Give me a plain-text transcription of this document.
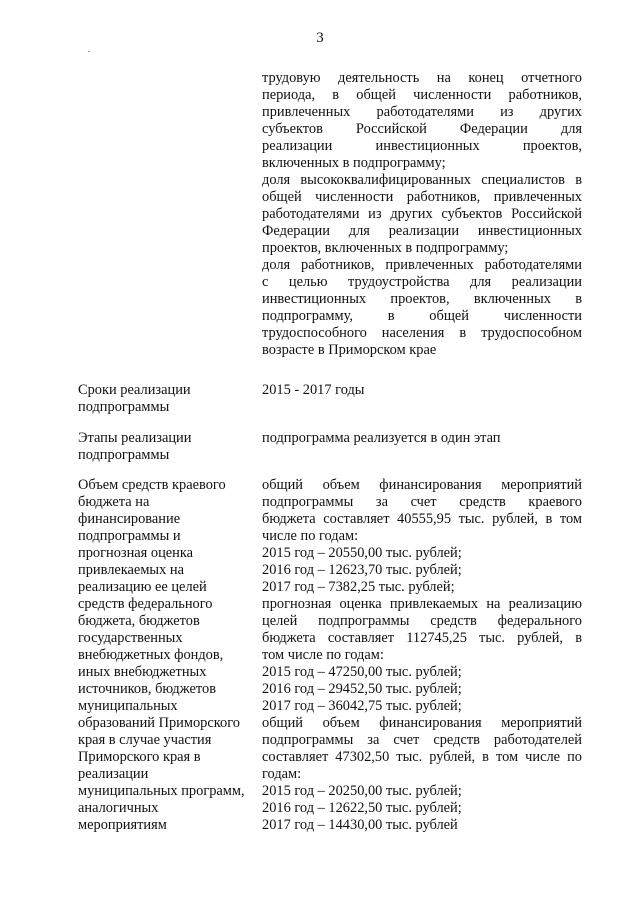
3
трудовую деятельность на конец отчетного
периода, в общей численности работников,
привлеченных работодателями из других
субъектов Российской Федерации для
реализации инвестиционных проектов,
включенных в подпрограмму;
доля высококвалифицированных специалистов в
общей численности работников, привлеченных
работодателями из других субъектов Российской
Федерации для реализации инвестиционных
проектов, включенных в подпрограмму;
доля работников, привлеченных работодателями
с целью трудоустройства для реализации
инвестиционных проектов, включенных в
подпрограмму, в общей численности
трудоспособного населения в трудоспособном
возрасте в Приморском крае
Сроки реализации
подпрограммы
2015 - 2017 годы
Этапы реализации
подпрограммы
подпрограмма реализуется в один этап
Объем средств краевого
бюджета на
финансирование
подпрограммы и
прогнозная оценка
привлекаемых на
реализацию ее целей
средств федерального
бюджета, бюджетов
государственных
внебюджетных фондов,
иных внебюджетных
источников, бюджетов
муниципальных
образований Приморского
края в случае участия
Приморского края в
реализации
муниципальных программ,
аналогичных
мероприятиям
общий объем финансирования мероприятий
подпрограммы за счет средств краевого
бюджета составляет 40555,95 тыс. рублей, в том
числе по годам:
2015 год – 20550,00 тыс. рублей;
2016 год – 12623,70 тыс. рублей;
2017 год – 7382,25 тыс. рублей;
прогнозная оценка привлекаемых на реализацию
целей подпрограммы средств федерального
бюджета составляет 112745,25 тыс. рублей, в
том числе по годам:
2015 год – 47250,00 тыс. рублей;
2016 год – 29452,50 тыс. рублей;
2017 год – 36042,75 тыс. рублей;
общий объем финансирования мероприятий
подпрограммы за счет средств работодателей
составляет 47302,50 тыс. рублей, в том числе по
годам:
2015 год – 20250,00 тыс. рублей;
2016 год – 12622,50 тыс. рублей;
2017 год – 14430,00 тыс. рублей
